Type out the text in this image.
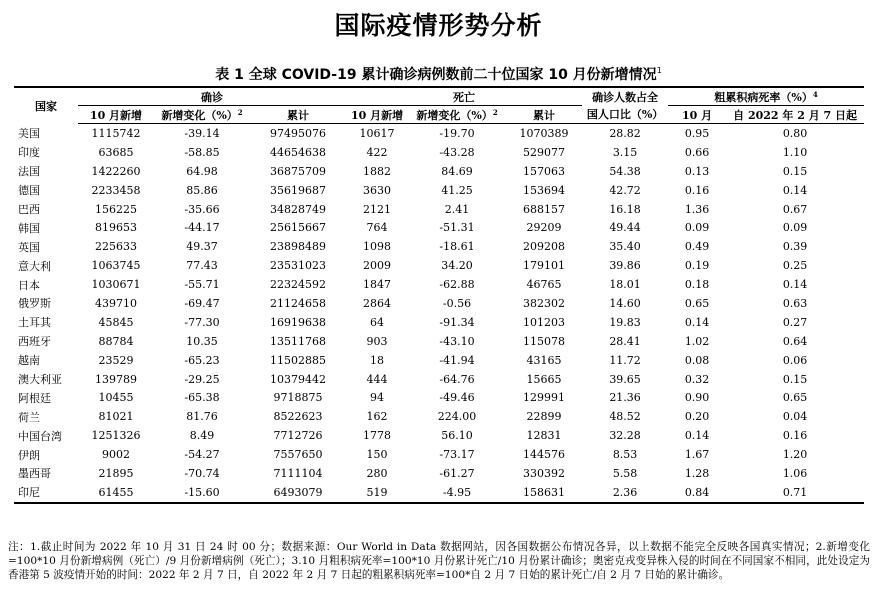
国际疫情形势分析
表 1 全球 COVID-19 累计确诊病例数前二十位国家 10 月份新增情况$^1$
国家	确诊			死亡			确诊人数占全	粗累积病死率（%）$^4$
	10 月新增	新增变化（%）$^2$	累计	10 月新增	新增变化（%）$^2$	累计	国人口比（%）	10 月	自 2022 年 2 月 7 日起
美国	1115742	-39.14	97495076	10617	-19.70	1070389	28.82	0.95	0.80
印度	63685	-58.85	44654638	422	-43.28	529077	3.15	0.66	1.10
法国	1422260	64.98	36875709	1882	84.69	157063	54.38	0.13	0.15
德国	2233458	85.86	35619687	3630	41.25	153694	42.72	0.16	0.14
巴西	156225	-35.66	34828749	2121	2.41	688157	16.18	1.36	0.67
韩国	819653	-44.17	25615667	764	-51.31	29209	49.44	0.09	0.09
英国	225633	49.37	23898489	1098	-18.61	209208	35.40	0.49	0.39
意大利	1063745	77.43	23531023	2009	34.20	179101	39.86	0.19	0.25
日本	1030671	-55.71	22324592	1847	-62.88	46765	18.01	0.18	0.14
俄罗斯	439710	-69.47	21124658	2864	-0.56	382302	14.60	0.65	0.63
土耳其	45845	-77.30	16919638	64	-91.34	101203	19.83	0.14	0.27
西班牙	88784	10.35	13511768	903	-43.10	115078	28.41	1.02	0.64
越南	23529	-65.23	11502885	18	-41.94	43165	11.72	0.08	0.06
澳大利亚	139789	-29.25	10379442	444	-64.76	15665	39.65	0.32	0.15
阿根廷	10455	-65.38	9718875	94	-49.46	129991	21.36	0.90	0.65
荷兰	81021	81.76	8522623	162	224.00	22899	48.52	0.20	0.04
中国台湾	1251326	8.49	7712726	1778	56.10	12831	32.28	0.14	0.16
伊朗	9002	-54.27	7557650	150	-73.17	144576	8.53	1.67	1.20
墨西哥	21895	-70.74	7111104	280	-61.27	330392	5.58	1.28	1.06
印尼	61455	-15.60	6493079	519	-4.95	158631	2.36	0.84	0.71
注：1.截止时间为 2022 年 10 月 31 日 24 时 00 分；数据来源：Our World in Data 数据网站，因各国数据公布情况各异，以上数据不能完全反映各国真实情况；2.新增变化=100*10 月份新增病例（死亡）/9 月份新增病例（死亡）；3.10 月粗积病死率=100*10 月份累计死亡/10 月份累计确诊；奥密克戎变异株入侵的时间在不同国家不相同，此处设定为香港第 5 波疫情开始的时间：2022 年 2 月 7 日，自 2022 年 2 月 7 日起的粗累积病死率=100*自 2 月 7 日始的累计死亡/自 2 月 7 日始的累计确诊。
